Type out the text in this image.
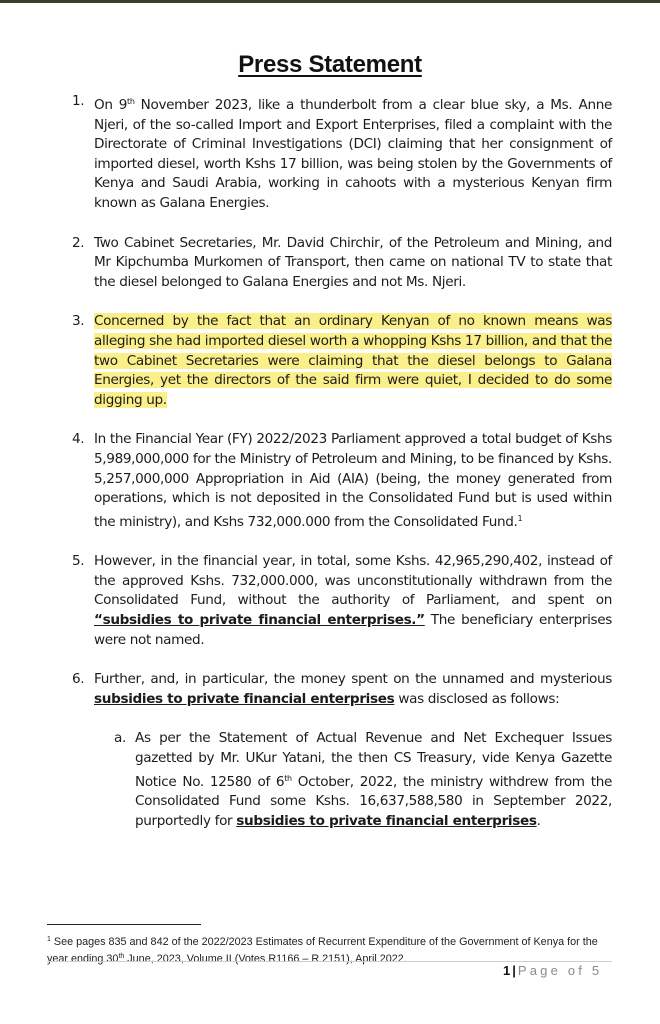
Press Statement
1. On 9th November 2023, like a thunderbolt from a clear blue sky, a Ms. Anne Njeri, of the so-called Import and Export Enterprises, filed a complaint with the Directorate of Criminal Investigations (DCI) claiming that her consignment of imported diesel, worth Kshs 17 billion, was being stolen by the Governments of Kenya and Saudi Arabia, working in cahoots with a mysterious Kenyan firm known as Galana Energies.

2. Two Cabinet Secretaries, Mr. David Chirchir, of the Petroleum and Mining, and Mr Kipchumba Murkomen of Transport, then came on national TV to state that the diesel belonged to Galana Energies and not Ms. Njeri.

3. Concerned by the fact that an ordinary Kenyan of no known means was alleging she had imported diesel worth a whopping Kshs 17 billion, and that the two Cabinet Secretaries were claiming that the diesel belongs to Galana Energies, yet the directors of the said firm were quiet, I decided to do some digging up.

4. In the Financial Year (FY) 2022/2023 Parliament approved a total budget of Kshs 5,989,000,000 for the Ministry of Petroleum and Mining, to be financed by Kshs. 5,257,000,000 Appropriation in Aid (AIA) (being, the money generated from operations, which is not deposited in the Consolidated Fund but is used within the ministry), and Kshs 732,000.000 from the Consolidated Fund.$^1$

5. However, in the financial year, in total, some Kshs. 42,965,290,402, instead of the approved Kshs. 732,000.000, was unconstitutionally withdrawn from the Consolidated Fund, without the authority of Parliament, and spent on “subsidies to private financial enterprises.” The beneficiary enterprises were not named.

6. Further, and, in particular, the money spent on the unnamed and mysterious subsidies to private financial enterprises was disclosed as follows:

a. As per the Statement of Actual Revenue and Net Exchequer Issues gazetted by Mr. UKur Yatani, the then CS Treasury, vide Kenya Gazette Notice No. 12580 of 6th October, 2022, the ministry withdrew from the Consolidated Fund some Kshs. 16,637,588,580 in September 2022, purportedly for subsidies to private financial enterprises.

$^1$ See pages 835 and 842 of the 2022/2023 Estimates of Recurrent Expenditure of the Government of Kenya for the year ending 30th June, 2023, Volume II (Votes R1166 – R 2151), April 2022.
1 | Page of 5
